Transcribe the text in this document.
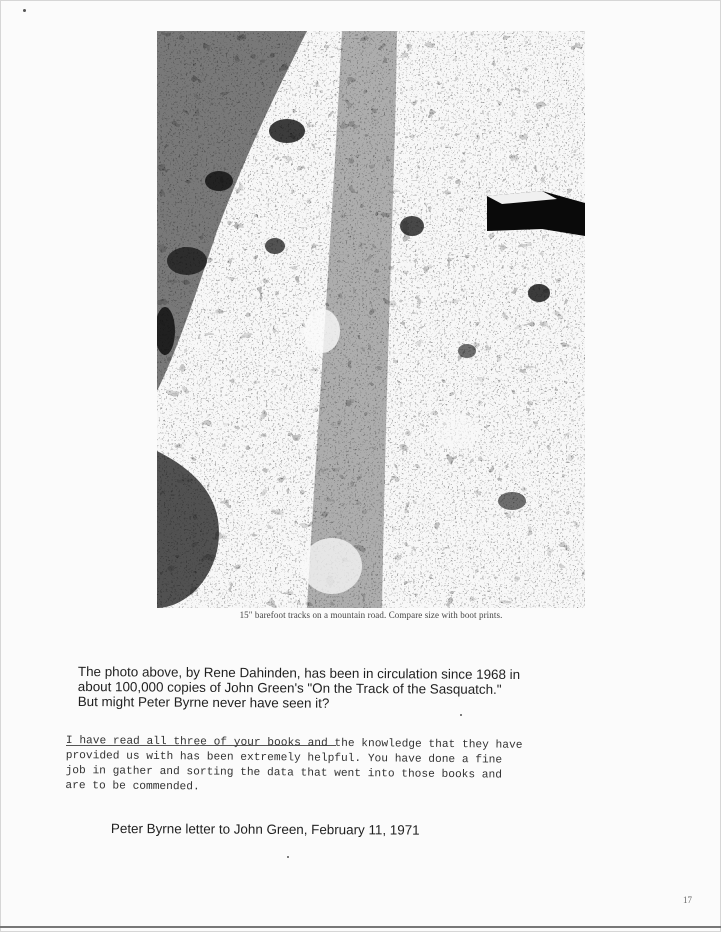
15" barefoot tracks on a mountain road. Compare size with boot prints.
The photo above, by Rene Dahinden, has been in circulation since 1968 in
about 100,000 copies of John Green's "On the Track of the Sasquatch."
But might Peter Byrne never have seen it?
I have read all three of your books and the knowledge that they have
provided us with has been extremely helpful. You have done a fine
job in gather and sorting the data that went into those books and
are to be commended.
Peter Byrne letter to John Green, February 11, 1971
17
